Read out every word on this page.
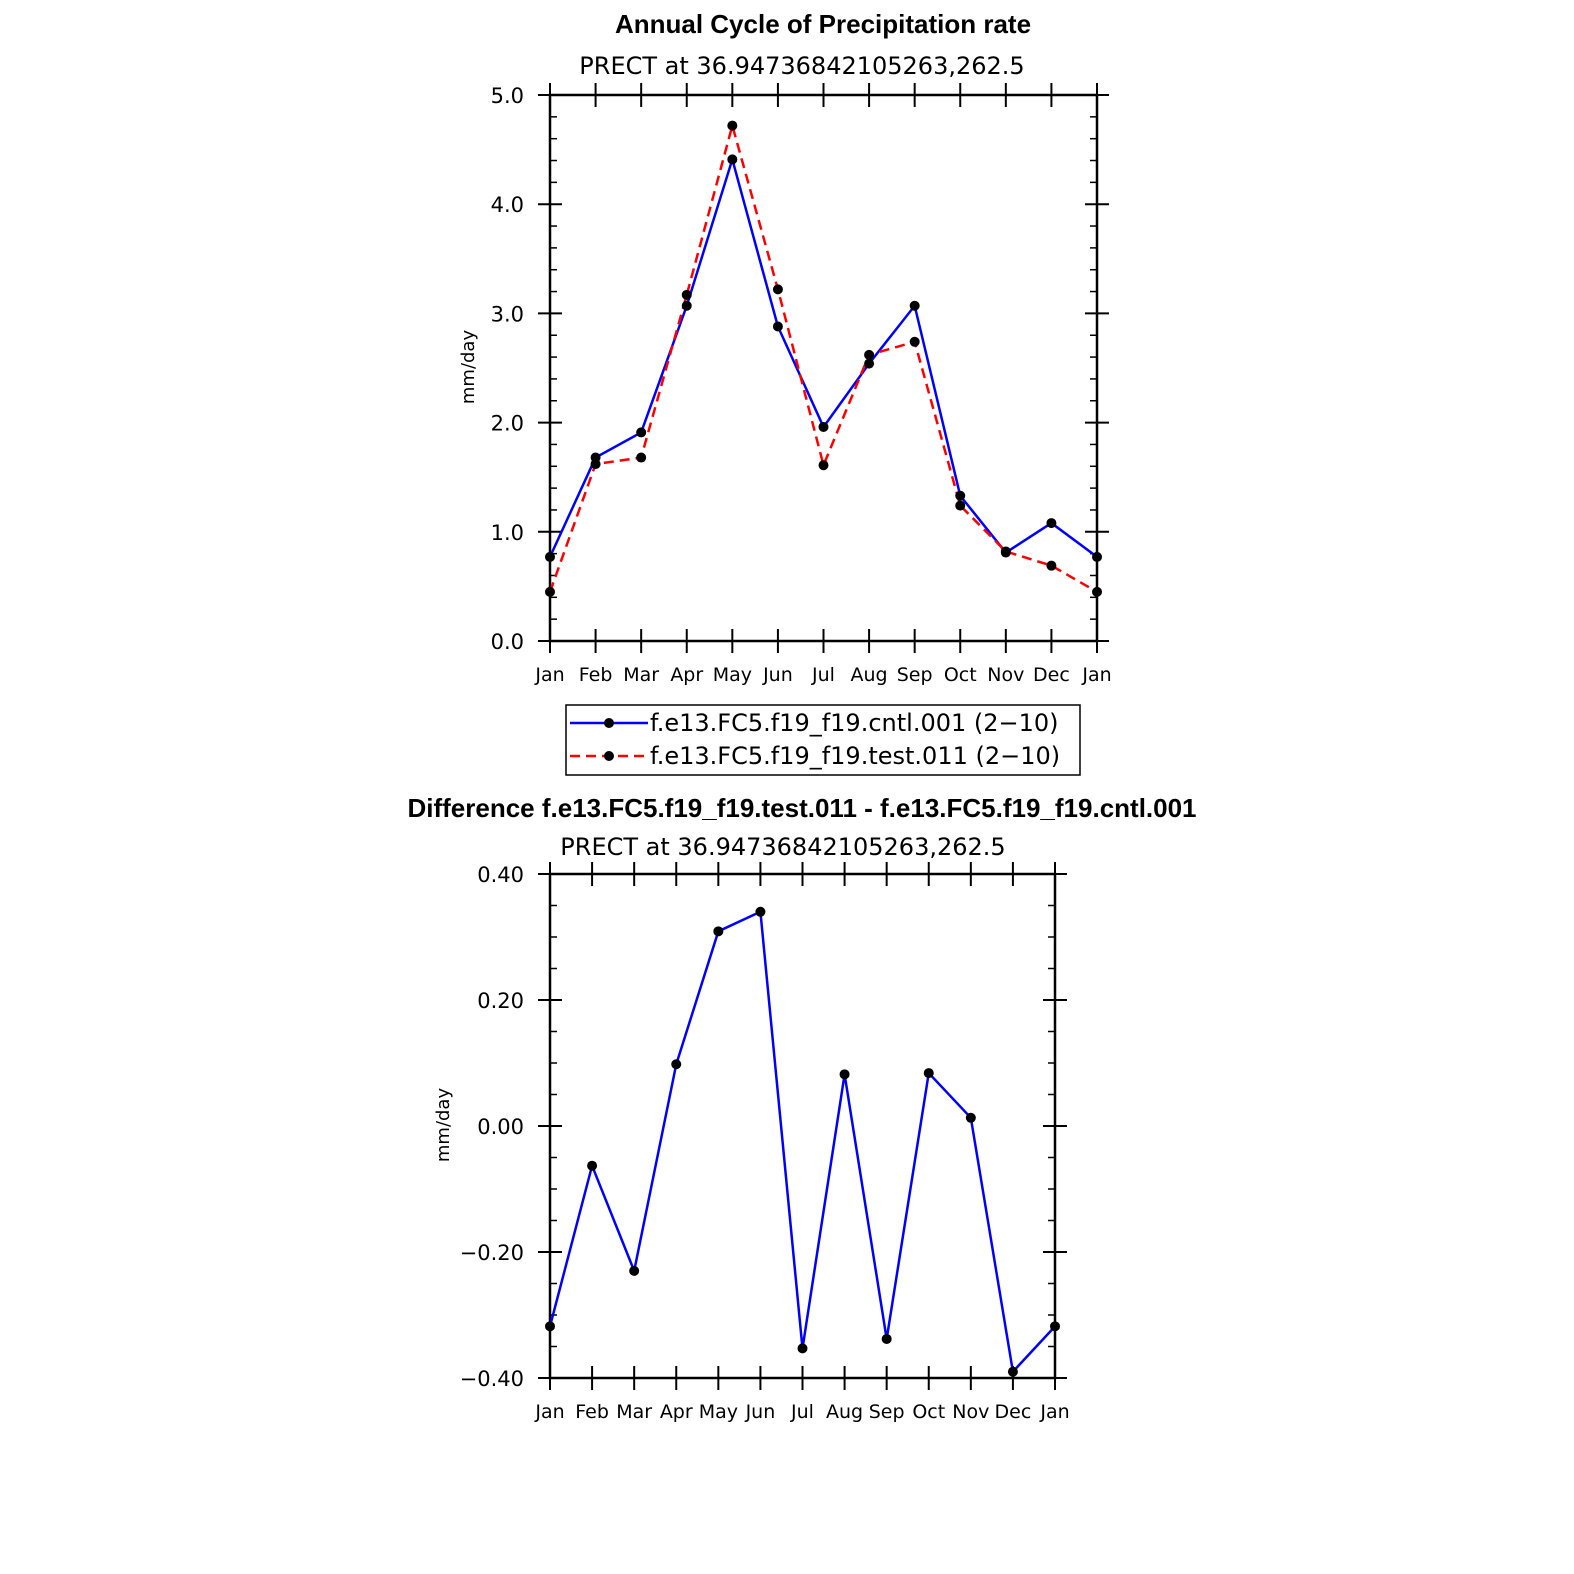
Annual Cycle of Precipitation rate
PRECT at 36.94736842105263,262.5
mm/day
0.0
1.0
2.0
3.0
4.0
5.0
Jan Feb Mar Apr May Jun Jul Aug Sep Oct Nov Dec Jan
f.e13.FC5.f19_f19.cntl.001 (2−10)
f.e13.FC5.f19_f19.test.011 (2−10)
Difference f.e13.FC5.f19_f19.test.011 - f.e13.FC5.f19_f19.cntl.001
PRECT at 36.94736842105263,262.5
mm/day
−0.40
−0.20
0.00
0.20
0.40
Jan Feb Mar Apr May Jun Jul Aug Sep Oct Nov Dec Jan
